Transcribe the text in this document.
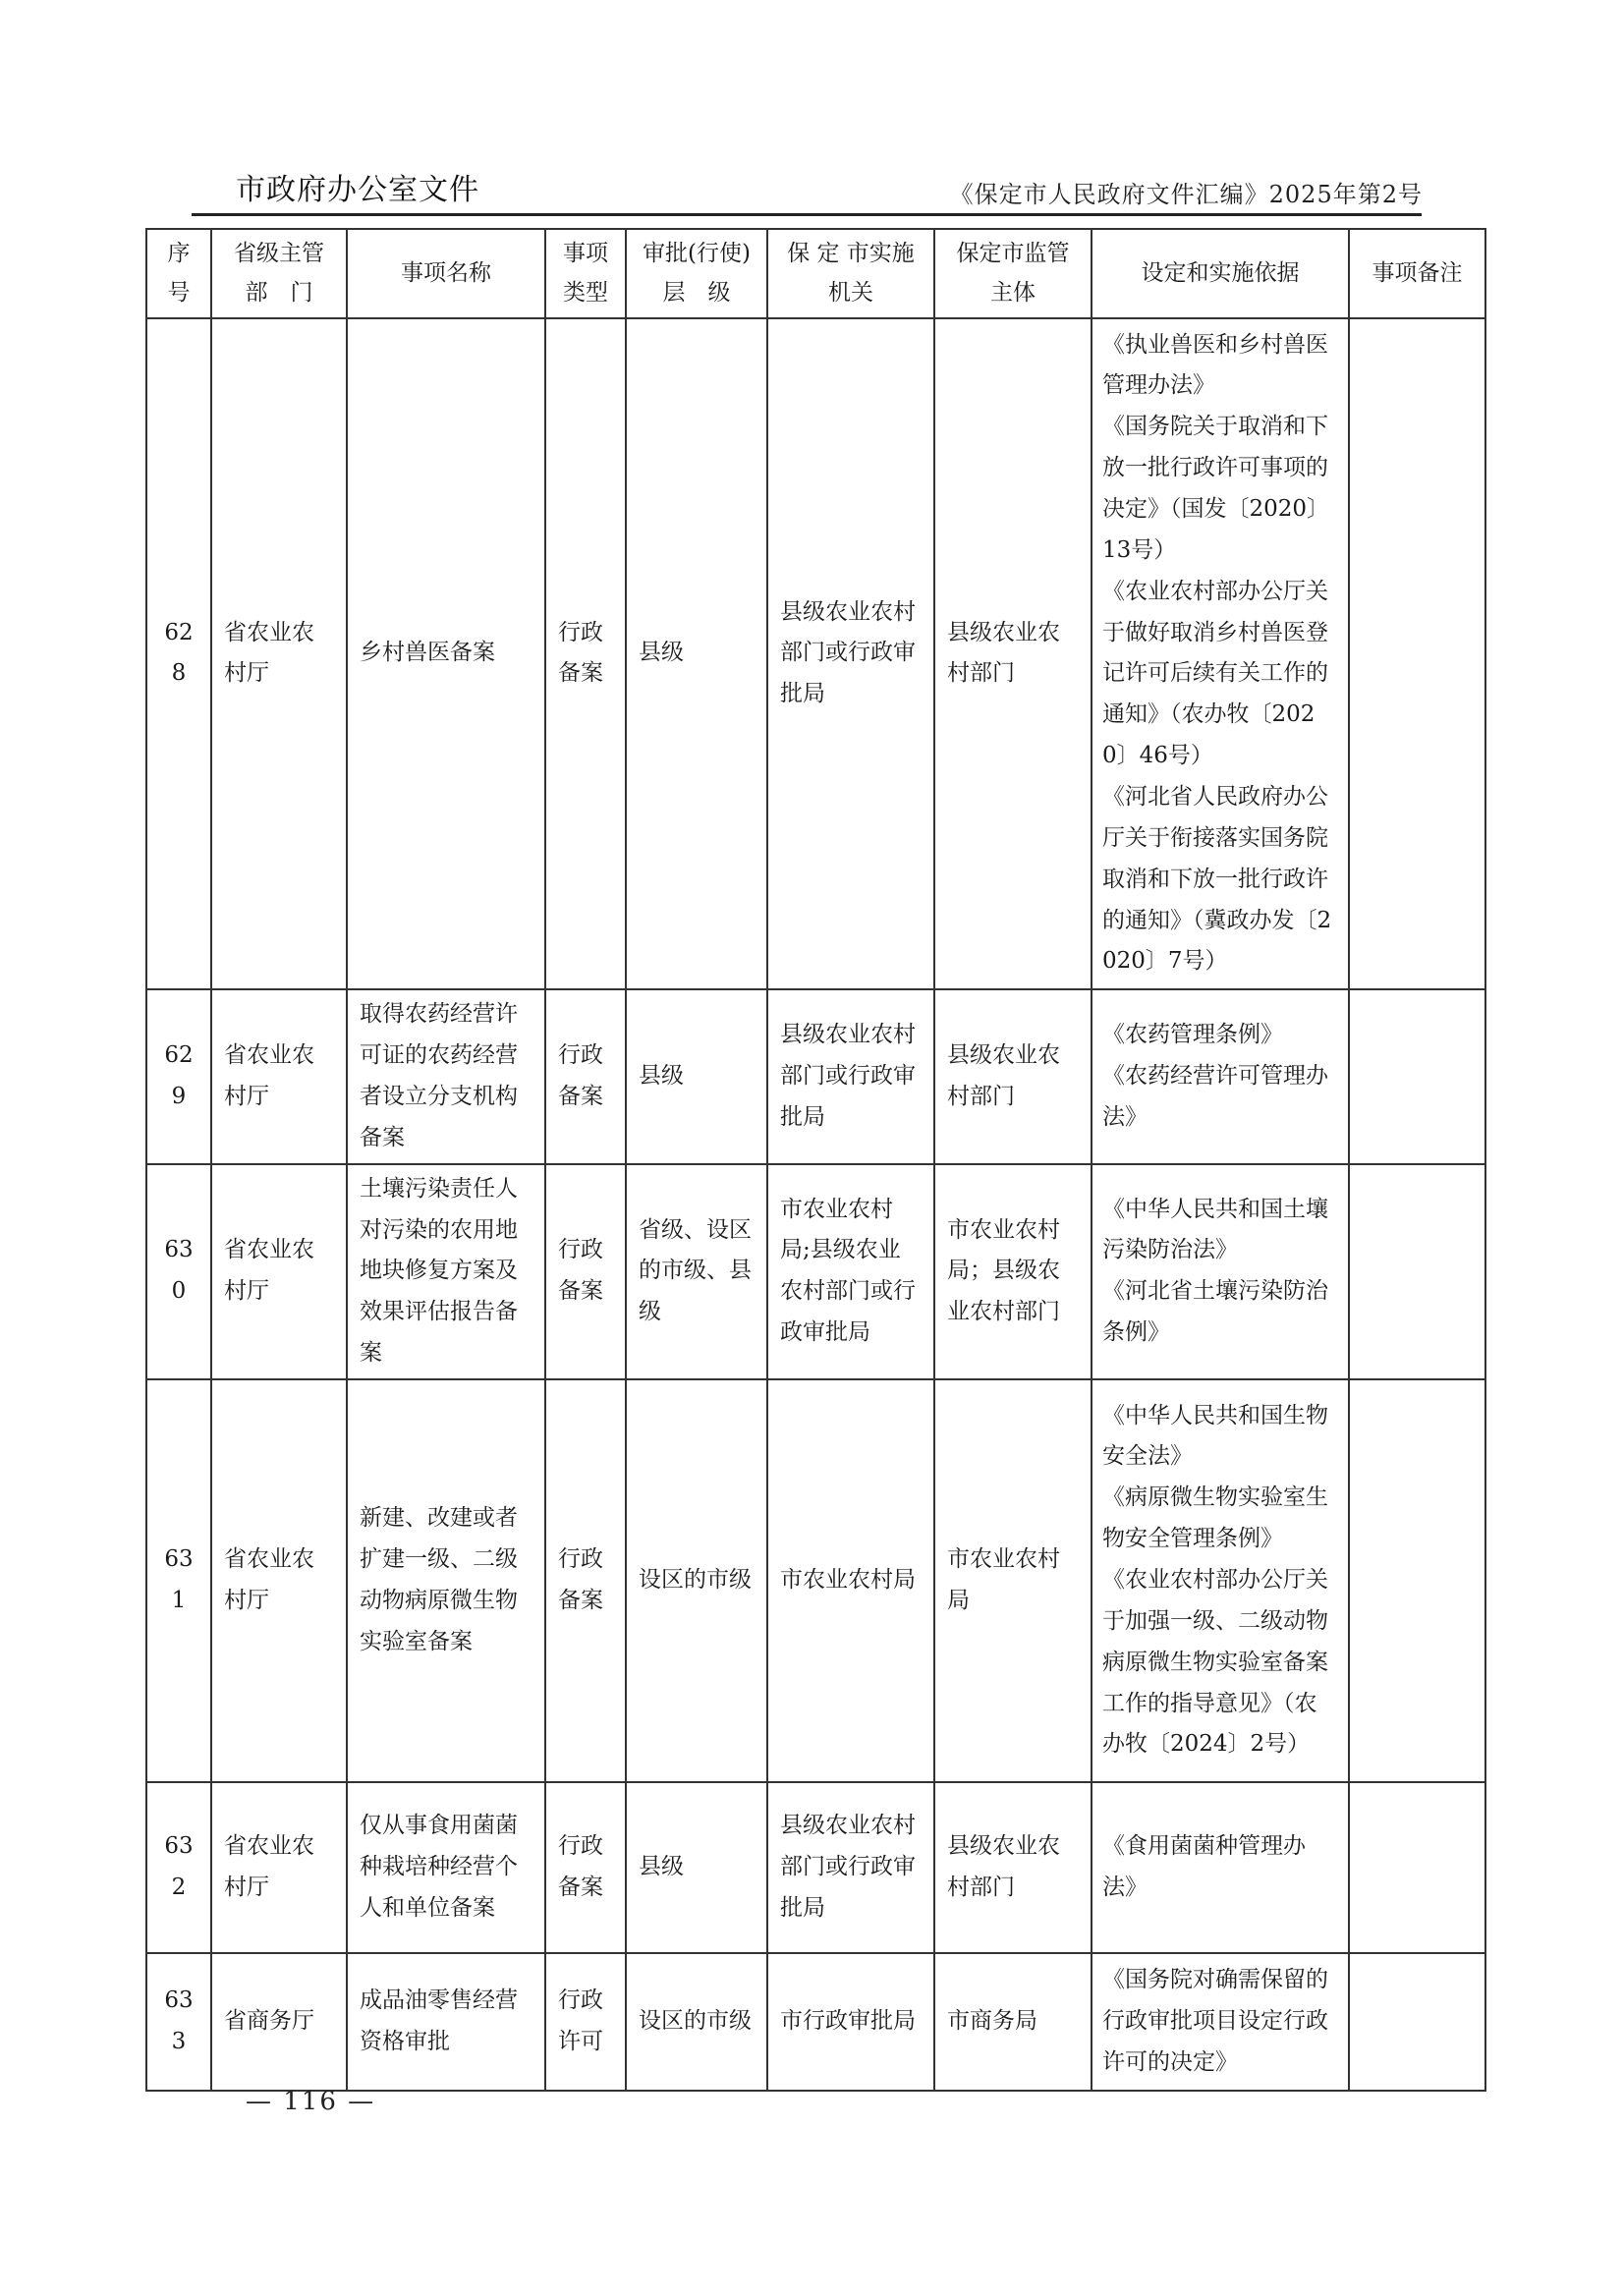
市政府办公室文件	《保定市人民政府文件汇编》2025年第2号
序号	省级主管部　门	事项名称	事项类型	审批(行使)层　级	保 定 市实施机关	保定市监管主体	设定和实施依据	事项备注
628	省农业农村厅	乡村兽医备案	行政备案	县级	县级农业农村部门或行政审批局	县级农业农村部门	《执业兽医和乡村兽医管理办法》
《国务院关于取消和下放一批行政许可事项的决定》（国发〔2020〕13号）
《农业农村部办公厅关于做好取消乡村兽医登记许可后续有关工作的通知》（农办牧〔2020〕46号）
《河北省人民政府办公厅关于衔接落实国务院取消和下放一批行政许的通知》（冀政办发〔2020〕7号）	

629	省农业农村厅	取得农药经营许可证的农药经营者设立分支机构备案	行政备案	县级	县级农业农村部门或行政审批局	县级农业农村部门	《农药管理条例》
《农药经营许可管理办法》	

630	省农业农村厅	土壤污染责任人对污染的农用地地块修复方案及效果评估报告备案	行政备案	省级、设区的市级、县级	市农业农村局;县级农业农村部门或行政审批局	市农业农村局；县级农业农村部门	《中华人民共和国土壤污染防治法》
《河北省土壤污染防治条例》	

631	省农业农村厅	新建、改建或者扩建一级、二级动物病原微生物实验室备案	行政备案	设区的市级	市农业农村局	市农业农村局	《中华人民共和国生物安全法》
《病原微生物实验室生物安全管理条例》
《农业农村部办公厅关于加强一级、二级动物病原微生物实验室备案工作的指导意见》（农办牧〔2024〕2号）	

632	省农业农村厅	仅从事食用菌菌种栽培种经营个人和单位备案	行政备案	县级	县级农业农村部门或行政审批局	县级农业农村部门	《食用菌菌种管理办法》	

633	省商务厅	成品油零售经营资格审批	行政许可	设区的市级	市行政审批局	市商务局	《国务院对确需保留的行政审批项目设定行政许可的决定》	

— 116 —
